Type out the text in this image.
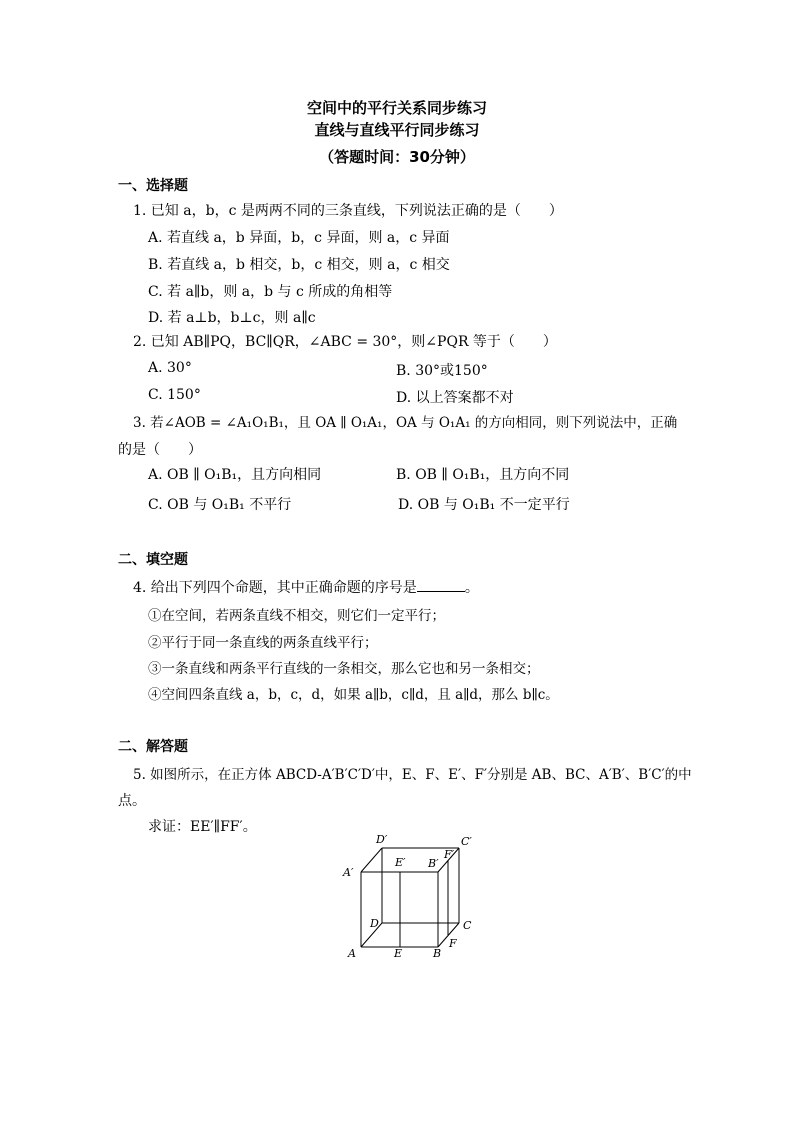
空间中的平行关系同步练习
直线与直线平行同步练习
（答题时间：30分钟）
一、选择题
1. 已知 a，b，c 是两两不同的三条直线，下列说法正确的是（　　）
A. 若直线 a，b 异面，b，c 异面，则 a，c 异面
B. 若直线 a，b 相交，b，c 相交，则 a，c 相交
C. 若 a∥b，则 a，b 与 c 所成的角相等
D. 若 a⊥b，b⊥c，则 a∥c
2. 已知 AB∥PQ，BC∥QR，∠ABC = 30°，则∠PQR 等于（　　）
A. 30°	B. 30°或150°
C. 150°	D. 以上答案都不对
3. 若∠AOB = ∠A₁O₁B₁，且 OA ∥ O₁A₁，OA 与 O₁A₁ 的方向相同，则下列说法中，正确
的是（　　）
A. OB ∥ O₁B₁，且方向相同	B. OB ∥ O₁B₁，且方向不同
C. OB 与 O₁B₁ 不平行	D. OB 与 O₁B₁ 不一定平行
二、填空题
4. 给出下列四个命题，其中正确命题的序号是	。
①在空间，若两条直线不相交，则它们一定平行；
②平行于同一条直线的两条直线平行；
③一条直线和两条平行直线的一条相交，那么它也和另一条相交；
④空间四条直线 a，b，c，d，如果 a∥b，c∥d，且 a∥d，那么 b∥c。
二、解答题
5. 如图所示，在正方体 ABCD-A′B′C′D′中，E、F、E′、F′分别是 AB、BC、A′B′、B′C′的中
点。
求证：EE′∥FF′。
A	B
C
D
A′
B′
C′
D′
E
F
E′
F′
